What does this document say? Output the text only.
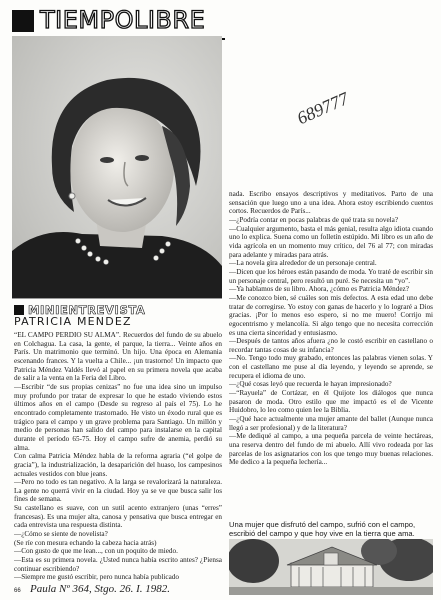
TIEMPOLIBRE
689777
MINIENTREVISTA
PATRICIA MENDEZ

“EL CAMPO PERDIO SU ALMA”. Recuerdos del fundo de su abuelo en Colchagua. La casa, la gente, el parque, la tierra... Veinte años en París. Un matrimonio que terminó. Un hijo. Una época en Alemania escenando frances. Y la vuelta a Chile... ¡un trastorno! Un impacto que Patricia Méndez Valdés llevó al papel en su primera novela que acaba de salir a la venta en la Feria del Libro.

—Escribir “de sus propias cenizas” no fue una idea sino un impulso muy profundo por tratar de expresar lo que he estado viviendo estos últimos años en el campo (Desde su regreso al país el 75). Lo he encontrado completamente trastornado. He visto un éxodo rural que es trágico para el campo y un grave problema para Santiago. Un millón y medio de personas han salido del campo para instalarse en la capital durante el período 65-75. Hoy el campo sufre de anemia, perdió su alma.

Con calma Patricia Méndez habla de la reforma agraria (“el golpe de gracia”), la industrialización, la desaparición del huaso, los campesinos actuales vestidos con blue jeans.

—Pero no todo es tan negativo. A la larga se revalorizará la naturaleza. La gente no querrá vivir en la ciudad. Hoy ya se ve que busca salir los fines de semana.

Su castellano es suave, con un sutil acento extranjero (unas “erres” francesas). Es una mujer alta, canosa y pensativa que busca entregar en cada entrevista una respuesta distinta.

—¿Cómo se siente de novelista?

(Se ríe con mesura echando la cabeza hacia atrás)

—Con gusto de que me lean..., con un poquito de miedo.

—Esta es su primera novela. ¿Usted nunca había escrito antes? ¿Piensa continuar escribiendo?

—Siempre me gustó escribir, pero nunca había publicado

nada. Escribo ensayos descriptivos y meditativos. Parto de una sensación que luego uno a una idea. Ahora estoy escribiendo cuentos cortos. Recuerdos de París...

—¿Podría contar en pocas palabras de qué trata su novela?

—Cualquier argumento, basta el más genial, resulta algo idiota cuando uno lo explica. Suena como un folletín estúpido. Mi libro es un año de vida agrícola en un momento muy crítico, del 76 al 77; con miradas para adelante y miradas para atrás.

—La novela gira alrededor de un personaje central.

—Dicen que los héroes están pasando de moda. Yo traté de escribir sin un personaje central, pero resultó un puré. Se necesita un “yo”.

—Ya hablamos de su libro. Ahora, ¿cómo es Patricia Méndez?

—Me conozco bien, sé cuáles son mis defectos. A esta edad uno debe tratar de corregirse. Yo estoy con ganas de hacerlo y lo lograré a Dios gracias. ¡Por lo menos eso espero, si no me muero! Corrijo mi egocentrismo y melancolía. Si algo tengo que no necesita corrección es una cierta sinceridad y entusiasmo.

—Después de tantos años afuera ¿no le costó escribir en castellano o recordar tantas cosas de su infancia?

—No. Tengo todo muy grabado, entonces las palabras vienen solas. Y con el castellano me puse al día leyendo, y leyendo se aprende, se recupera el idioma de uno.

—¿Qué cosas leyó que recuerda le hayan impresionado?

—“Rayuela” de Cortázar, en él Quijote los diálogos que nunca pasaron de moda. Otro estilo que me impactó es el de Vicente Huidobro, lo leo como quien lee la Biblia.

—¿Qué hace actualmente una mujer amante del ballet (Aunque nunca llegó a ser profesional) y de la literatura?

—Me dediqué al campo, a una pequeña parcela de veinte hectáreas, una reserva dentro del fundo de mi abuelo. Allí vivo rodeada por las parcelas de los asignatarios con los que tengo muy buenas relaciones. Me dedico a la pequeña lechería...

Una mujer que disfrutó del campo, sufrió con el campo, escribió del campo y que hoy vive en la tierra que ama.
66 Paula Nº 364, Stgo. 26. I. 1982.
